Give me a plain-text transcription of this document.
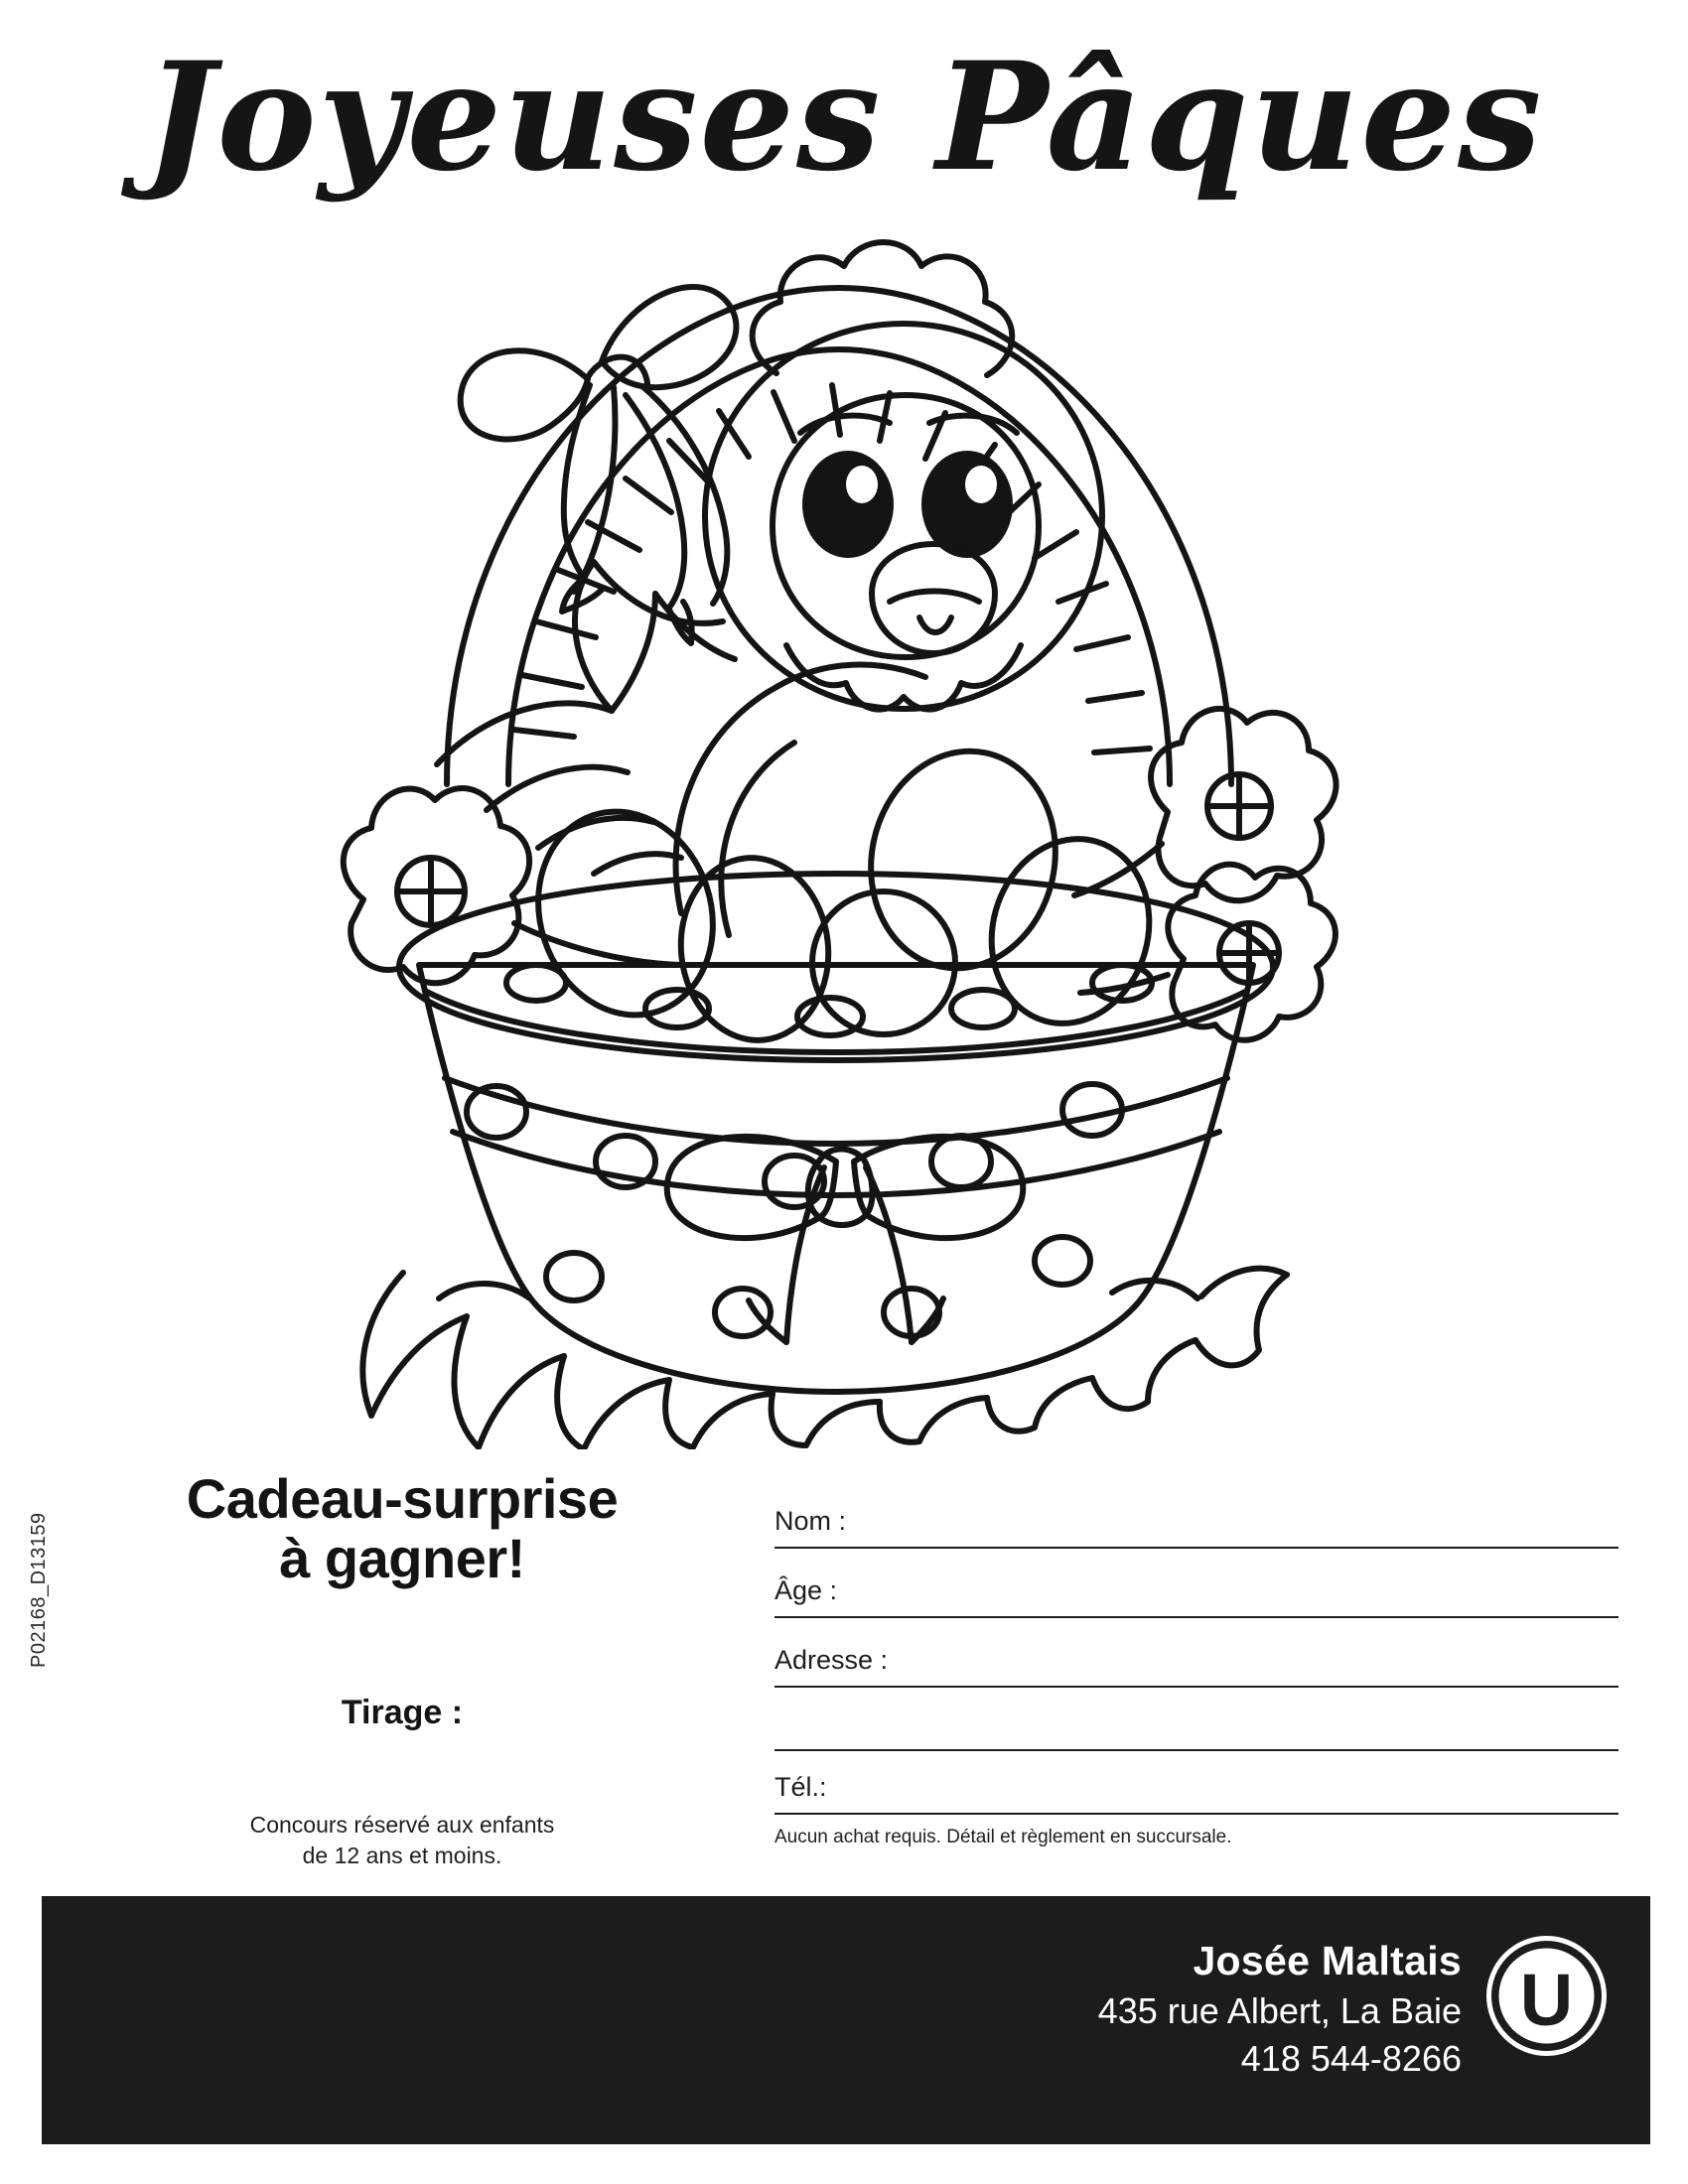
Joyeuses Pâques
P02168_D13159
Cadeau-surprise
à gagner!
Tirage :
Concours réservé aux enfants
de 12 ans et moins.
Nom :
Âge :
Adresse :
Tél.:
Aucun achat requis. Détail et règlement en succursale.
Josée Maltais
435 rue Albert, La Baie
418 544-8266
U
